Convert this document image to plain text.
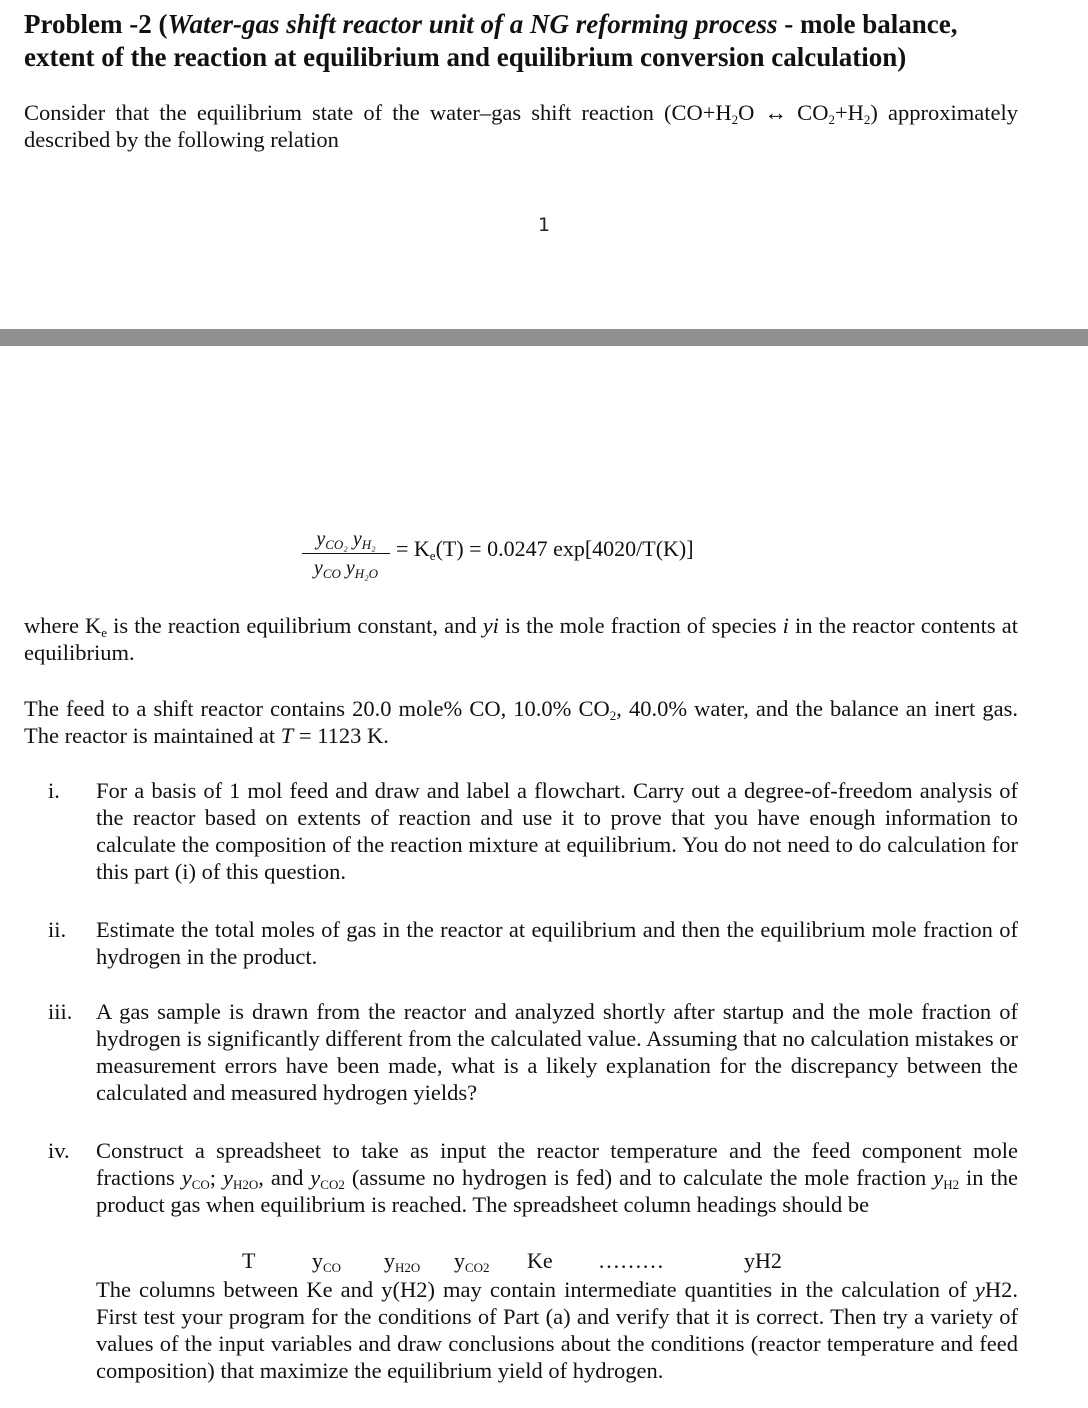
Problem -2 (Water-gas shift reactor unit of a NG reforming process - mole balance,
extent of the reaction at equilibrium and equilibrium conversion calculation)
Consider that the equilibrium state of the water–gas shift reaction ($CO+H_2O$ ↔ $CO_2+H_2$) approximately
described by the following relation
1
$y_{CO_2}$ $y_{H_2}$
$y_{CO}$ $y_{H_2O}$
= $K_e(T) = 0.0247$ exp[4020/T(K)]
where $K_e$ is the reaction equilibrium constant, and yi is the mole fraction of species i in the reactor contents at equilibrium.
The feed to a shift reactor contains 20.0 mole% CO, 10.0% $CO_2$, 40.0% water, and the balance an inert gas. The reactor is maintained at T = 1123 K.
i. For a basis of 1 mol feed and draw and label a flowchart. Carry out a degree-of-freedom analysis of the reactor based on extents of reaction and use it to prove that you have enough information to calculate the composition of the reaction mixture at equilibrium. You do not need to do calculation for this part (i) of this question.
ii. Estimate the total moles of gas in the reactor at equilibrium and then the equilibrium mole fraction of hydrogen in the product.
iii. A gas sample is drawn from the reactor and analyzed shortly after startup and the mole fraction of hydrogen is significantly different from the calculated value. Assuming that no calculation mistakes or measurement errors have been made, what is a likely explanation for the discrepancy between the calculated and measured hydrogen yields?
iv. Construct a spreadsheet to take as input the reactor temperature and the feed component mole fractions $y_{CO}$; $y_{H2O}$, and $y_{CO2}$ (assume no hydrogen is fed) and to calculate the mole fraction $y_{H2}$ in the product gas when equilibrium is reached. The spreadsheet column headings should be
T	$y_{CO}$ $y_{H2O}$ $y_{CO2}$ Ke ………	yH2
The columns between Ke and y(H2) may contain intermediate quantities in the calculation of yH2. First test your program for the conditions of Part (a) and verify that it is correct. Then try a variety of values of the input variables and draw conclusions about the conditions (reactor temperature and feed composition) that maximize the equilibrium yield of hydrogen.
